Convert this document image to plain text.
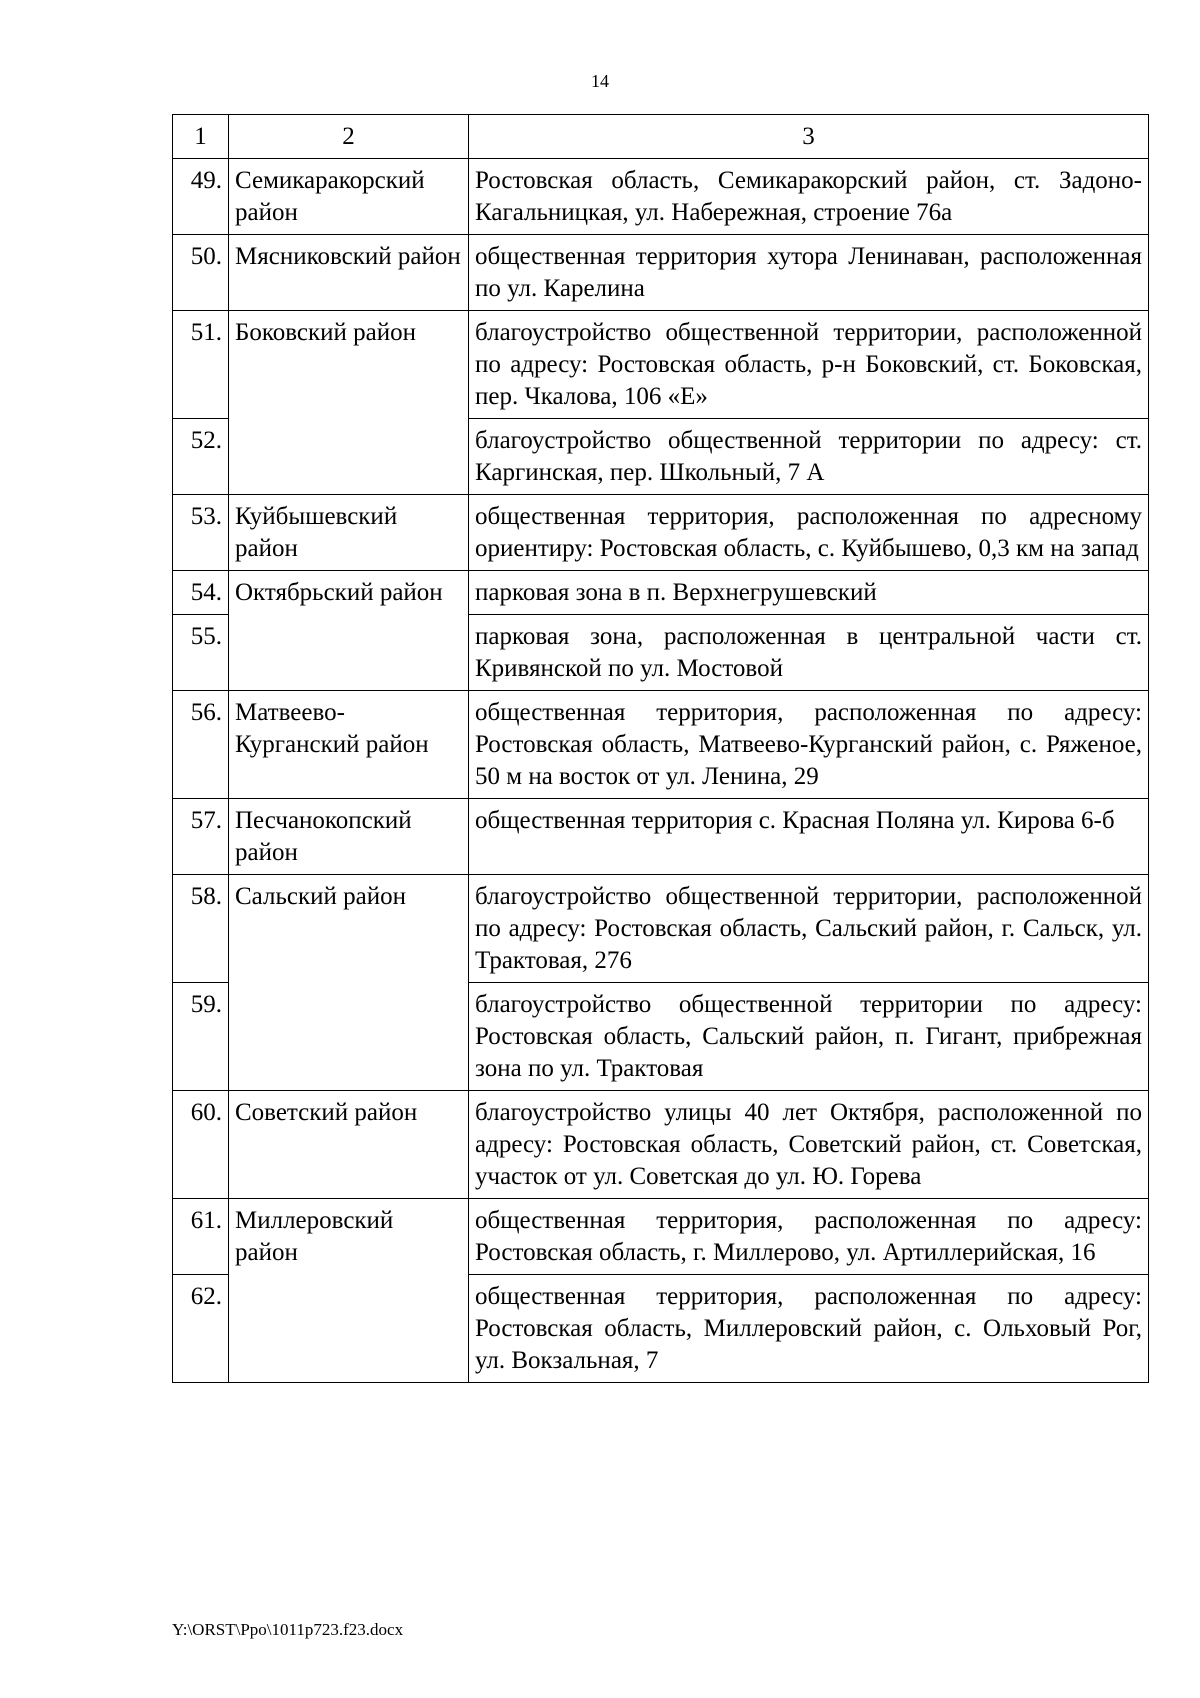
14
1	2	3
49.	Семикаракорский район	Ростовская область, Семикаракорский район, ст. Задоно-Кагальницкая, ул. Набережная, строение 76а
50.	Мясниковский район	общественная территория хутора Ленинаван, расположенная по ул. Карелина
51.	Боковский район	благоустройство общественной территории, расположенной по адресу: Ростовская область, р-н Боковский, ст. Боковская, пер. Чкалова, 106 «Е»
52.		благоустройство общественной территории по адресу: ст. Каргинская, пер. Школьный, 7 А
53.	Куйбышевский район	общественная территория, расположенная по адресному ориентиру: Ростовская область, с. Куйбышево, 0,3 км на запад
54.	Октябрьский район	парковая зона в п. Верхнегрушевский
55.		парковая зона, расположенная в центральной части ст. Кривянской по ул. Мостовой
56.	Матвеево-Курганский район	общественная территория, расположенная по адресу: Ростовская область, Матвеево-Курганский район, с. Ряженое, 50 м на восток от ул. Ленина, 29
57.	Песчанокопский район	общественная территория с. Красная Поляна ул. Кирова 6-б
58.	Сальский район	благоустройство общественной территории, расположенной по адресу: Ростовская область, Сальский район, г. Сальск, ул. Трактовая, 276
59.		благоустройство общественной территории по адресу: Ростовская область, Сальский район, п. Гигант, прибрежная зона по ул. Трактовая
60.	Советский район	благоустройство улицы 40 лет Октября, расположенной по адресу: Ростовская область, Советский район, ст. Советская, участок от ул. Советская до ул. Ю. Горева
61.	Миллеровский район	общественная территория, расположенная по адресу: Ростовская область, г. Миллерово, ул. Артиллерийская, 16
62.		общественная территория, расположенная по адресу: Ростовская область, Миллеровский район, с. Ольховый Рог, ул. Вокзальная, 7
Y:\ORST\Ppo\1011p723.f23.docx
